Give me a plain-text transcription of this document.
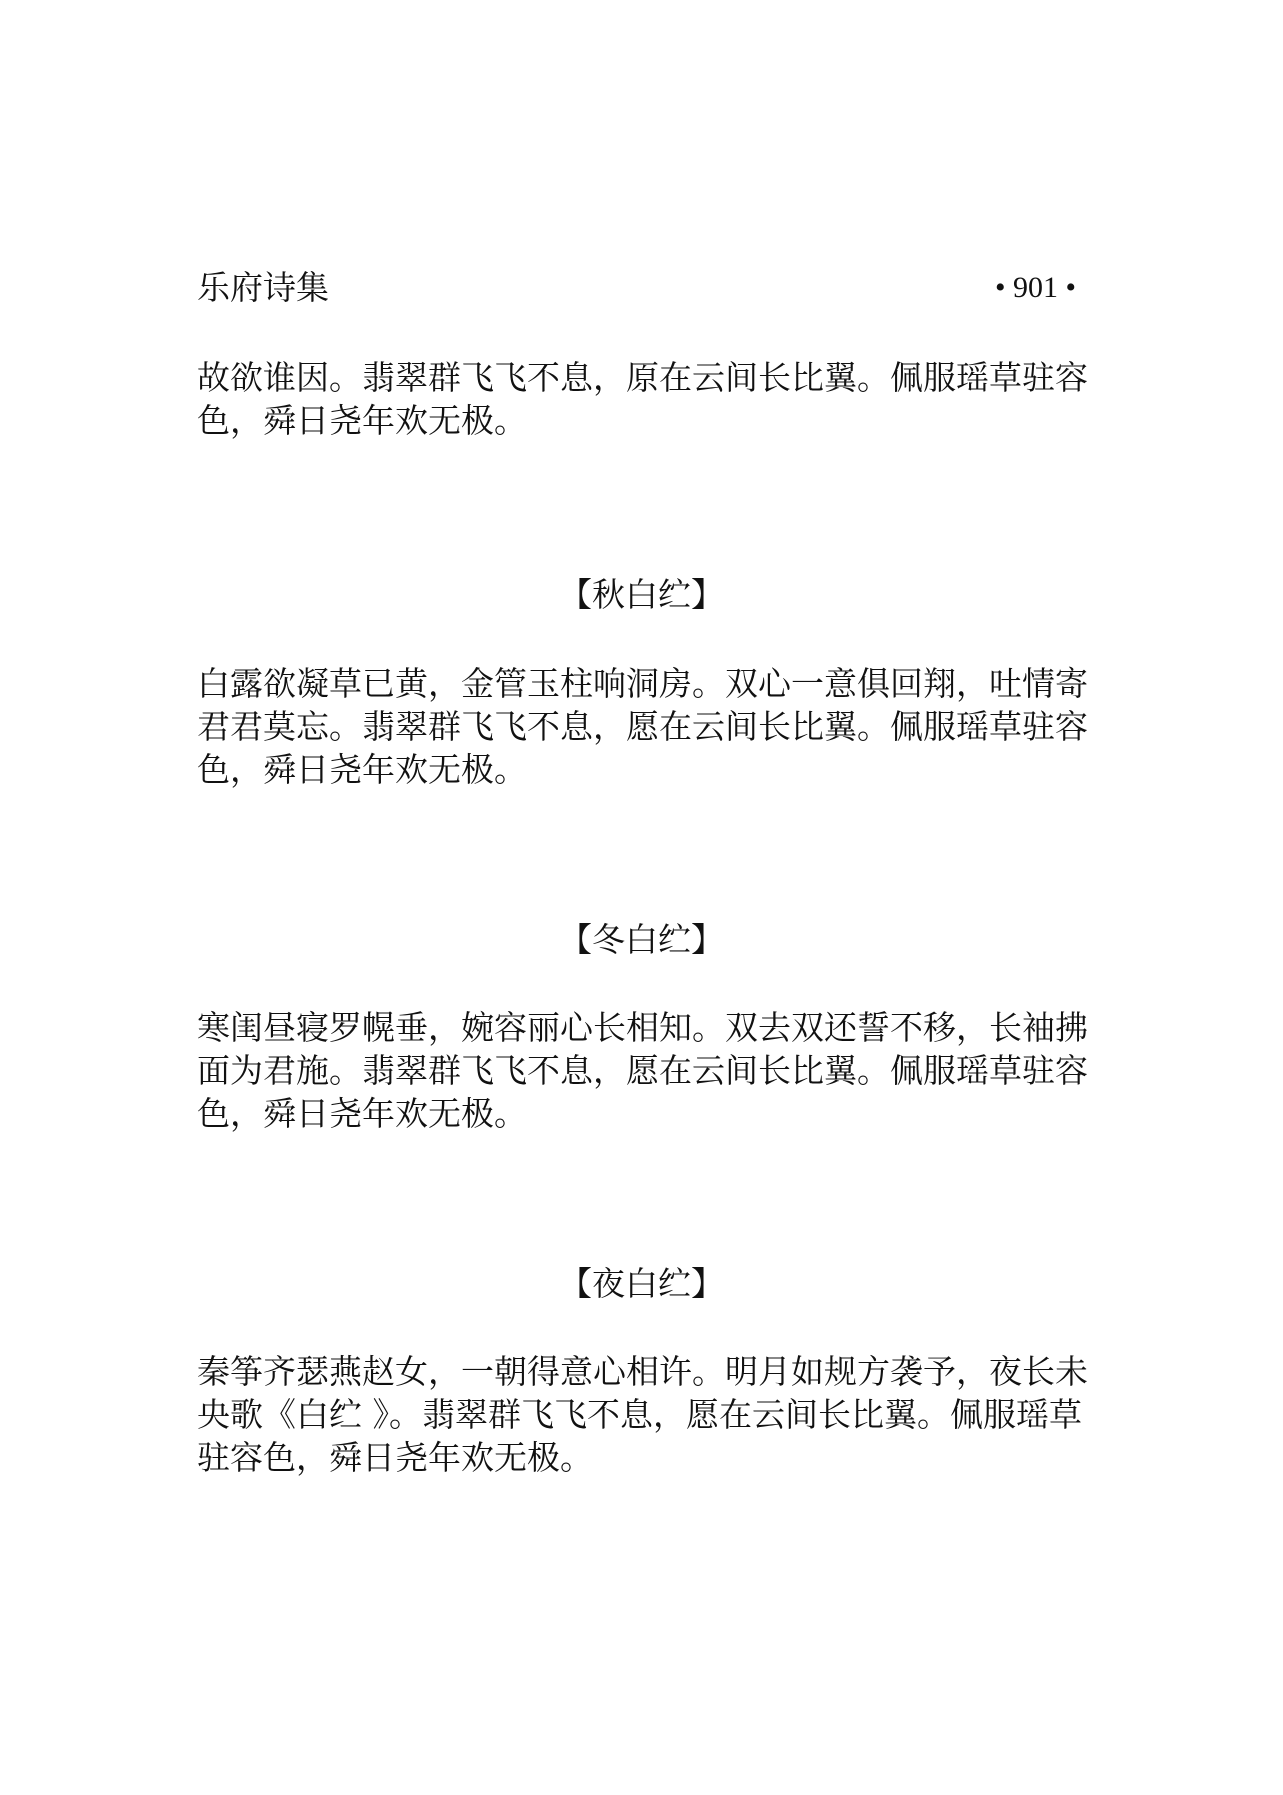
乐府诗集	• 901 •

故欲谁因。翡翠群飞飞不息，原在云间长比翼。佩服瑶草驻容
色，舜日尧年欢无极。

【秋白纻】

白露欲凝草已黄，金管玉柱响洞房。双心一意俱回翔，吐情寄
君君莫忘。翡翠群飞飞不息，愿在云间长比翼。佩服瑶草驻容
色，舜日尧年欢无极。

【冬白纻】

寒闺昼寝罗幌垂，婉容丽心长相知。双去双还誓不移，长袖拂
面为君施。翡翠群飞飞不息，愿在云间长比翼。佩服瑶草驻容
色，舜日尧年欢无极。

【夜白纻】

秦筝齐瑟燕赵女，一朝得意心相许。明月如规方袭予，夜长未
央歌《白纻 》。翡翠群飞飞不息，愿在云间长比翼。佩服瑶草
驻容色，舜日尧年欢无极。
